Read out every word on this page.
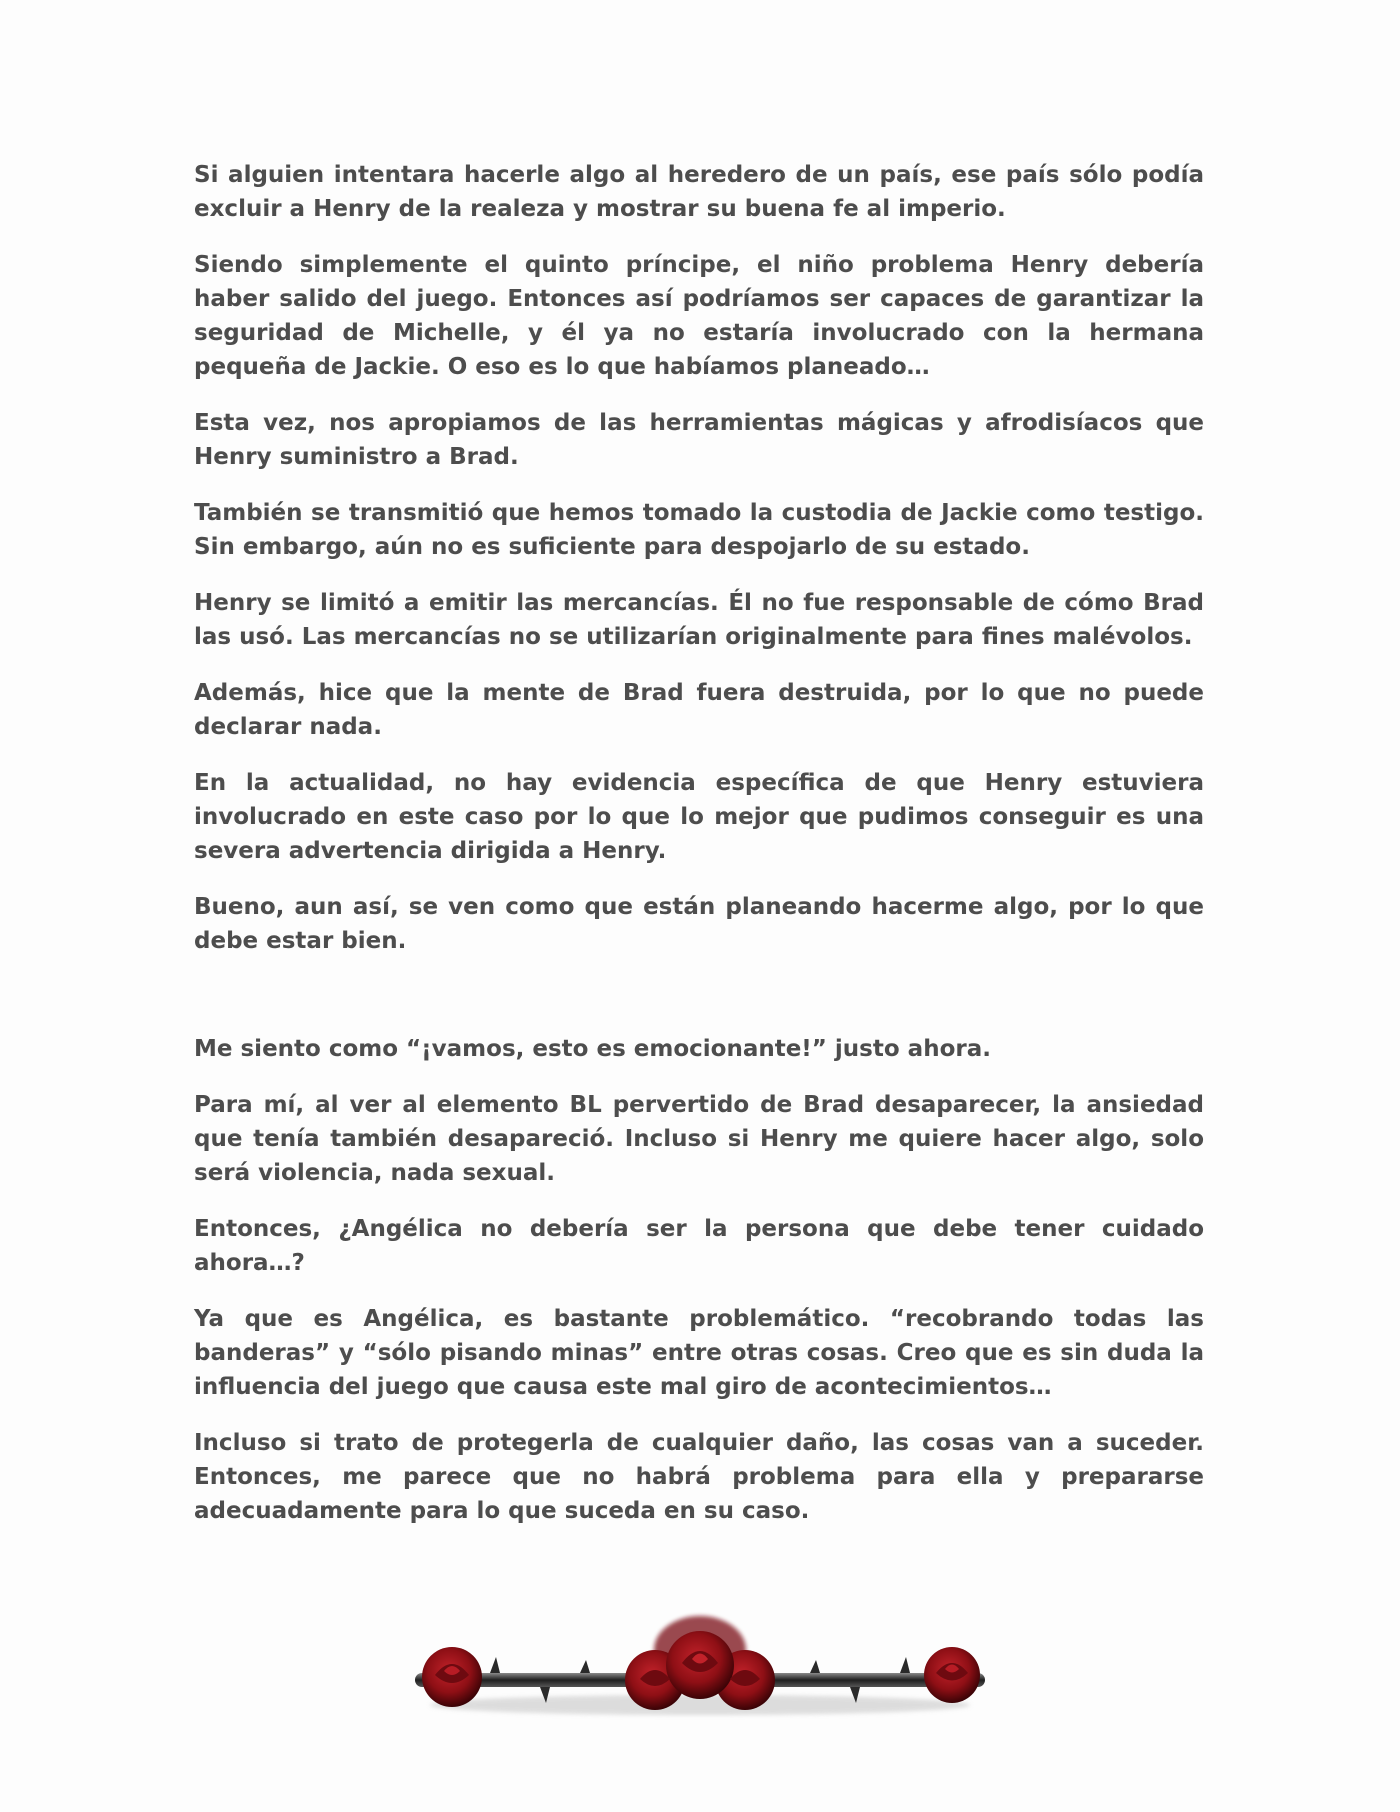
Si alguien intentara hacerle algo al heredero de un país, ese país sólo podía excluir a Henry de la realeza y mostrar su buena fe al imperio.

Siendo simplemente el quinto príncipe, el niño problema Henry debería haber salido del juego. Entonces así podríamos ser capaces de garantizar la seguridad de Michelle, y él ya no estaría involucrado con la hermana pequeña de Jackie. O eso es lo que habíamos planeado…

Esta vez, nos apropiamos de las herramientas mágicas y afrodisíacos que Henry suministro a Brad.

También se transmitió que hemos tomado la custodia de Jackie como testigo. Sin embargo, aún no es suficiente para despojarlo de su estado.

Henry se limitó a emitir las mercancías. Él no fue responsable de cómo Brad las usó. Las mercancías no se utilizarían originalmente para fines malévolos.

Además, hice que la mente de Brad fuera destruida, por lo que no puede declarar nada.

En la actualidad, no hay evidencia específica de que Henry estuviera involucrado en este caso por lo que lo mejor que pudimos conseguir es una severa advertencia dirigida a Henry.

Bueno, aun así, se ven como que están planeando hacerme algo, por lo que debe estar bien.

Me siento como “¡vamos, esto es emocionante!” justo ahora.

Para mí, al ver al elemento BL pervertido de Brad desaparecer, la ansiedad que tenía también desapareció. Incluso si Henry me quiere hacer algo, solo será violencia, nada sexual.

Entonces, ¿Angélica no debería ser la persona que debe tener cuidado ahora…?

Ya que es Angélica, es bastante problemático. “recobrando todas las banderas” y “sólo pisando minas” entre otras cosas. Creo que es sin duda la influencia del juego que causa este mal giro de acontecimientos…

Incluso si trato de protegerla de cualquier daño, las cosas van a suceder. Entonces, me parece que no habrá problema para ella y prepararse adecuadamente para lo que suceda en su caso.
